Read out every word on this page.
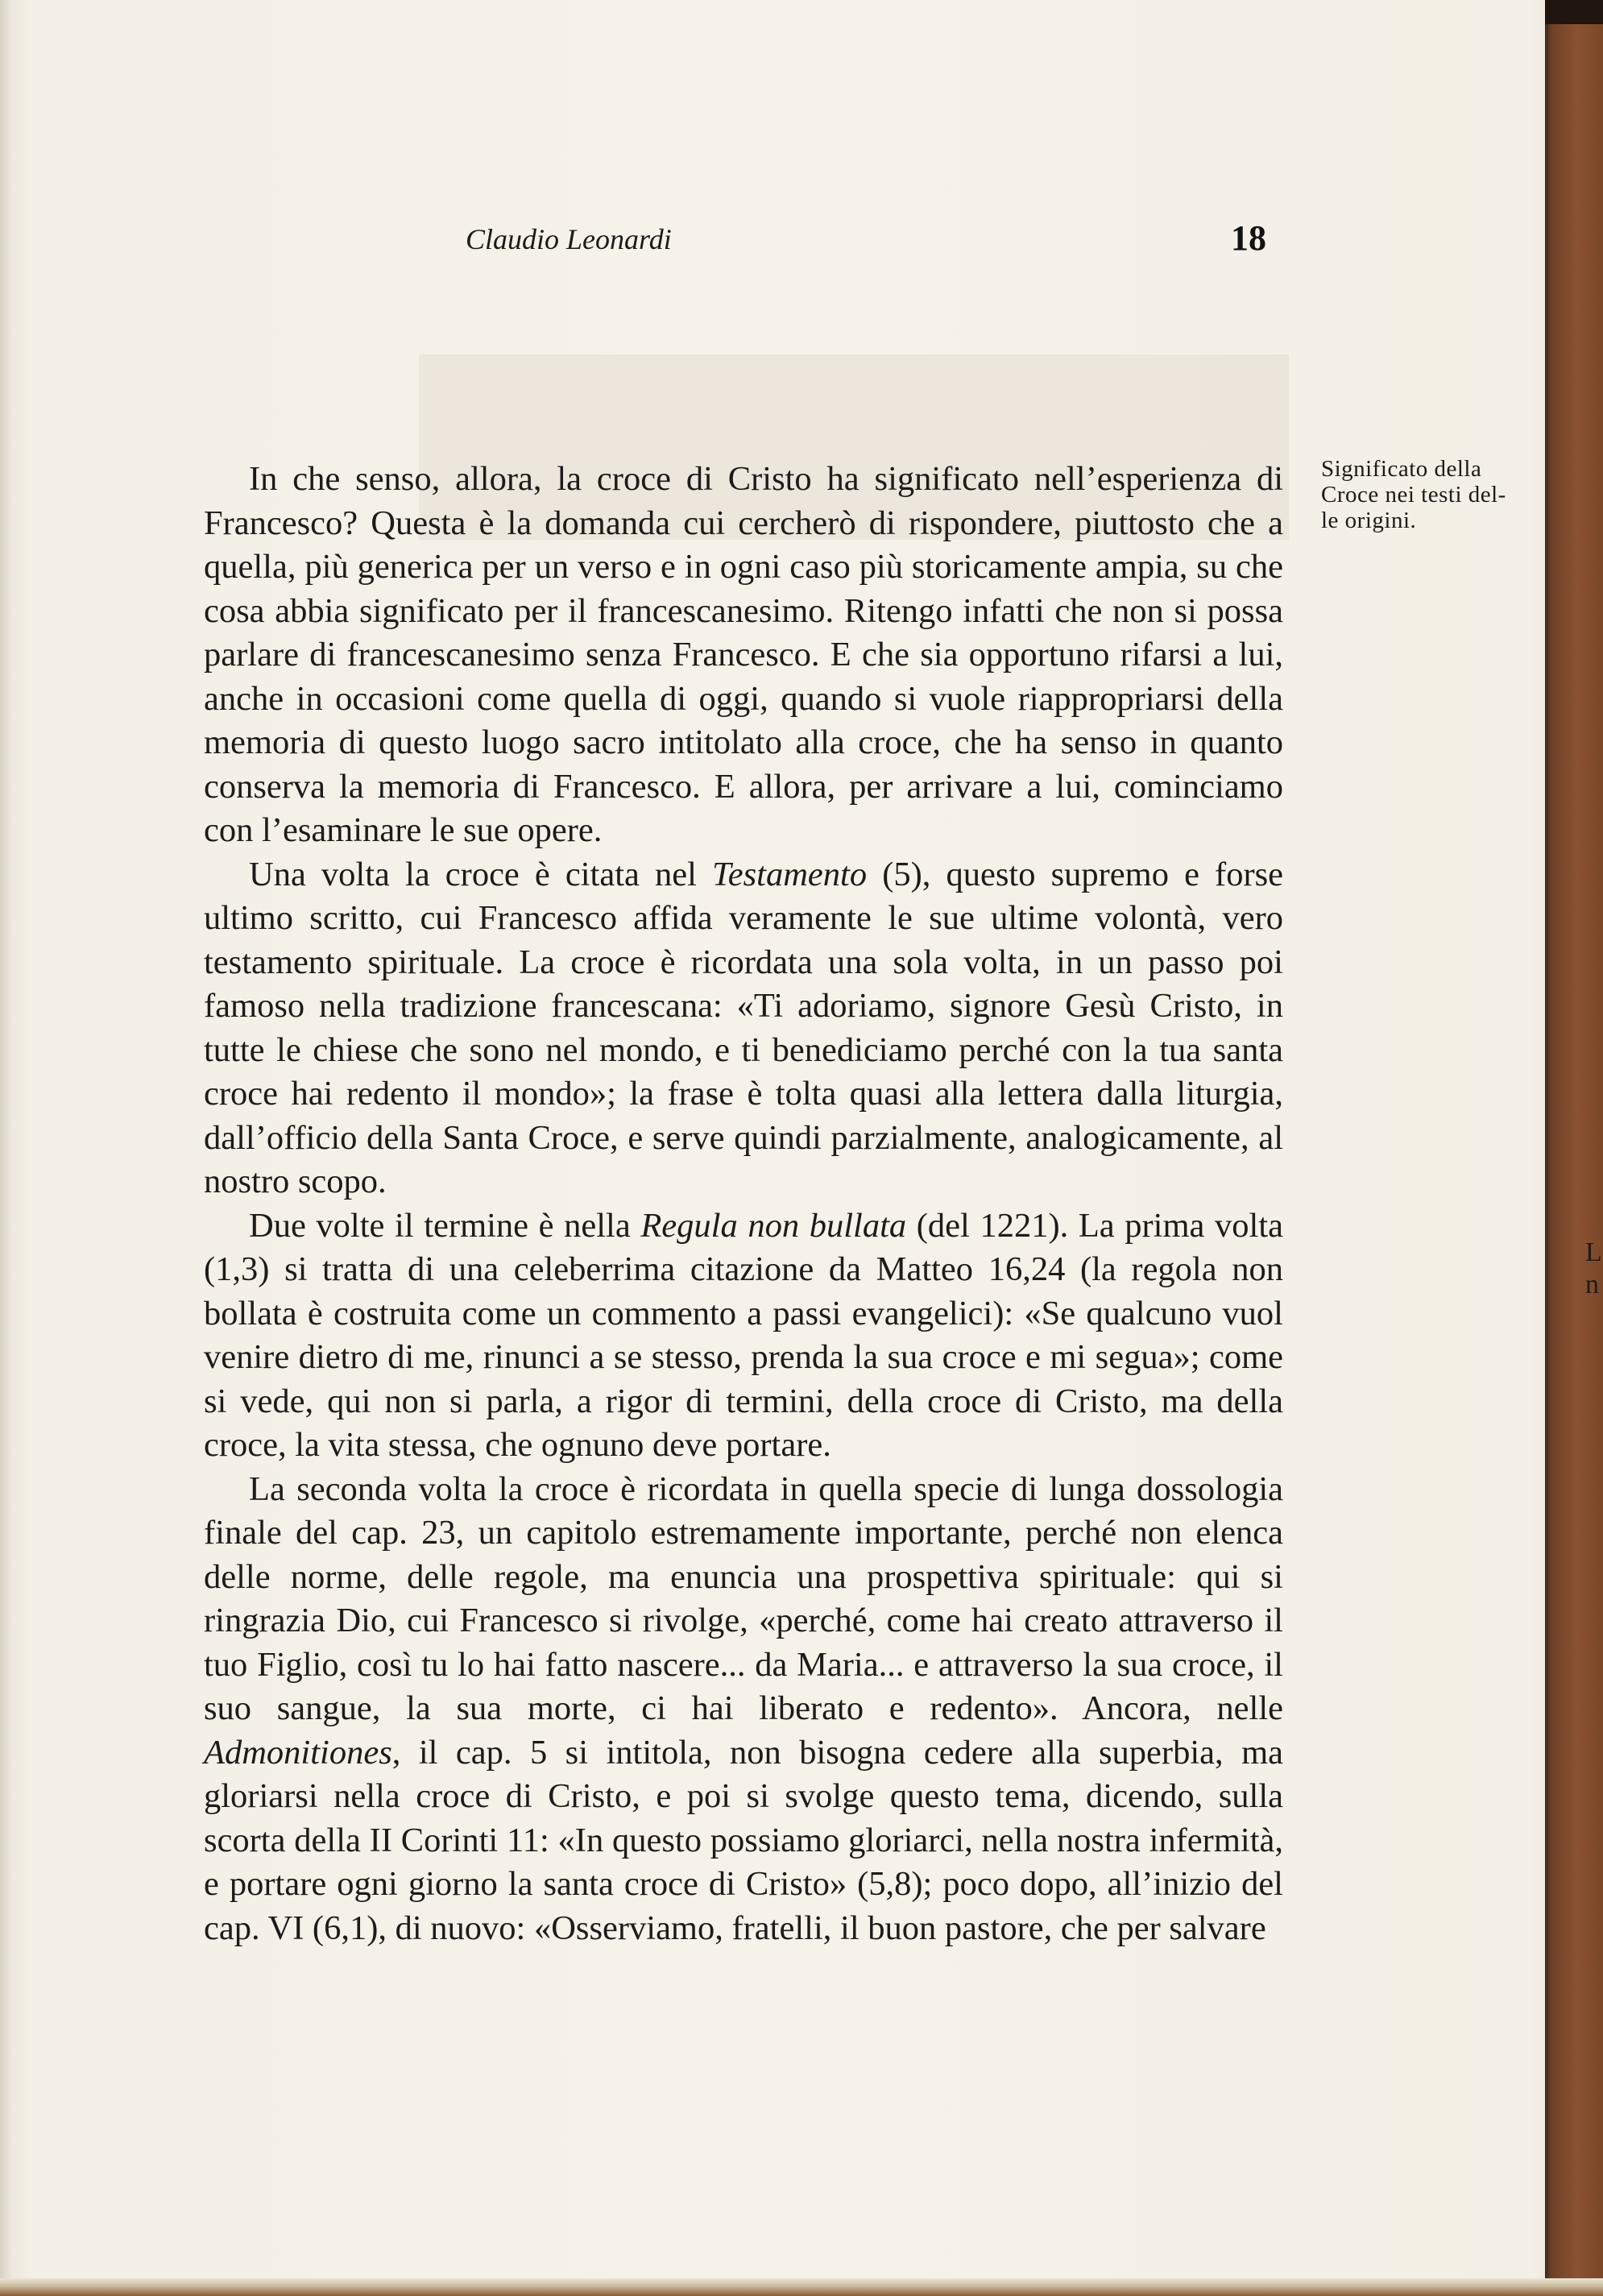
Claudio Leonardi	18
Significato della
Croce nei testi del-
le origini.

In che senso, allora, la croce di Cristo ha significato nell’esperienza di Francesco? Questa è la domanda cui cercherò di rispondere, piuttosto che a quella, più generica per un verso e in ogni caso più storicamente ampia, su che cosa abbia significato per il francescanesimo. Ritengo infatti che non si possa parlare di francescanesimo senza Francesco. E che sia opportuno rifarsi a lui, anche in occasioni come quella di oggi, quando si vuole riappropriarsi della memoria di questo luogo sacro intitolato alla croce, che ha senso in quanto conserva la memoria di Francesco. E allora, per arrivare a lui, cominciamo con l’esaminare le sue opere.

Una volta la croce è citata nel Testamento (5), questo supremo e forse ultimo scritto, cui Francesco affida veramente le sue ultime volontà, vero testamento spirituale. La croce è ricordata una sola volta, in un passo poi famoso nella tradizione francescana: «Ti adoriamo, signore Gesù Cristo, in tutte le chiese che sono nel mondo, e ti benediciamo perché con la tua santa croce hai redento il mondo»; la frase è tolta quasi alla lettera dalla liturgia, dall’officio della Santa Croce, e serve quindi parzialmente, analogicamente, al nostro scopo.

Due volte il termine è nella Regula non bullata (del 1221). La prima volta (1,3) si tratta di una celeberrima citazione da Matteo 16,24 (la regola non bollata è costruita come un commento a passi evangelici): «Se qualcuno vuol venire dietro di me, rinunci a se stesso, prenda la sua croce e mi segua»; come si vede, qui non si parla, a rigor di termini, della croce di Cristo, ma della croce, la vita stessa, che ognuno deve portare.

La seconda volta la croce è ricordata in quella specie di lunga dossologia finale del cap. 23, un capitolo estremamente importante, perché non elenca delle norme, delle regole, ma enuncia una prospettiva spirituale: qui si ringrazia Dio, cui Francesco si rivolge, «perché, come hai creato attraverso il tuo Figlio, così tu lo hai fatto nascere... da Maria... e attraverso la sua croce, il suo sangue, la sua morte, ci hai liberato e redento». Ancora, nelle Admonitiones, il cap. 5 si intitola, non bisogna cedere alla superbia, ma gloriarsi nella croce di Cristo, e poi si svolge questo tema, dicendo, sulla scorta della II Corinti 11: «In questo possiamo gloriarci, nella nostra infermità, e portare ogni giorno la santa croce di Cristo» (5,8); poco dopo, all’inizio del cap. VI (6,1), di nuovo: «Osserviamo, fratelli, il buon pastore, che per salvare

L
n
